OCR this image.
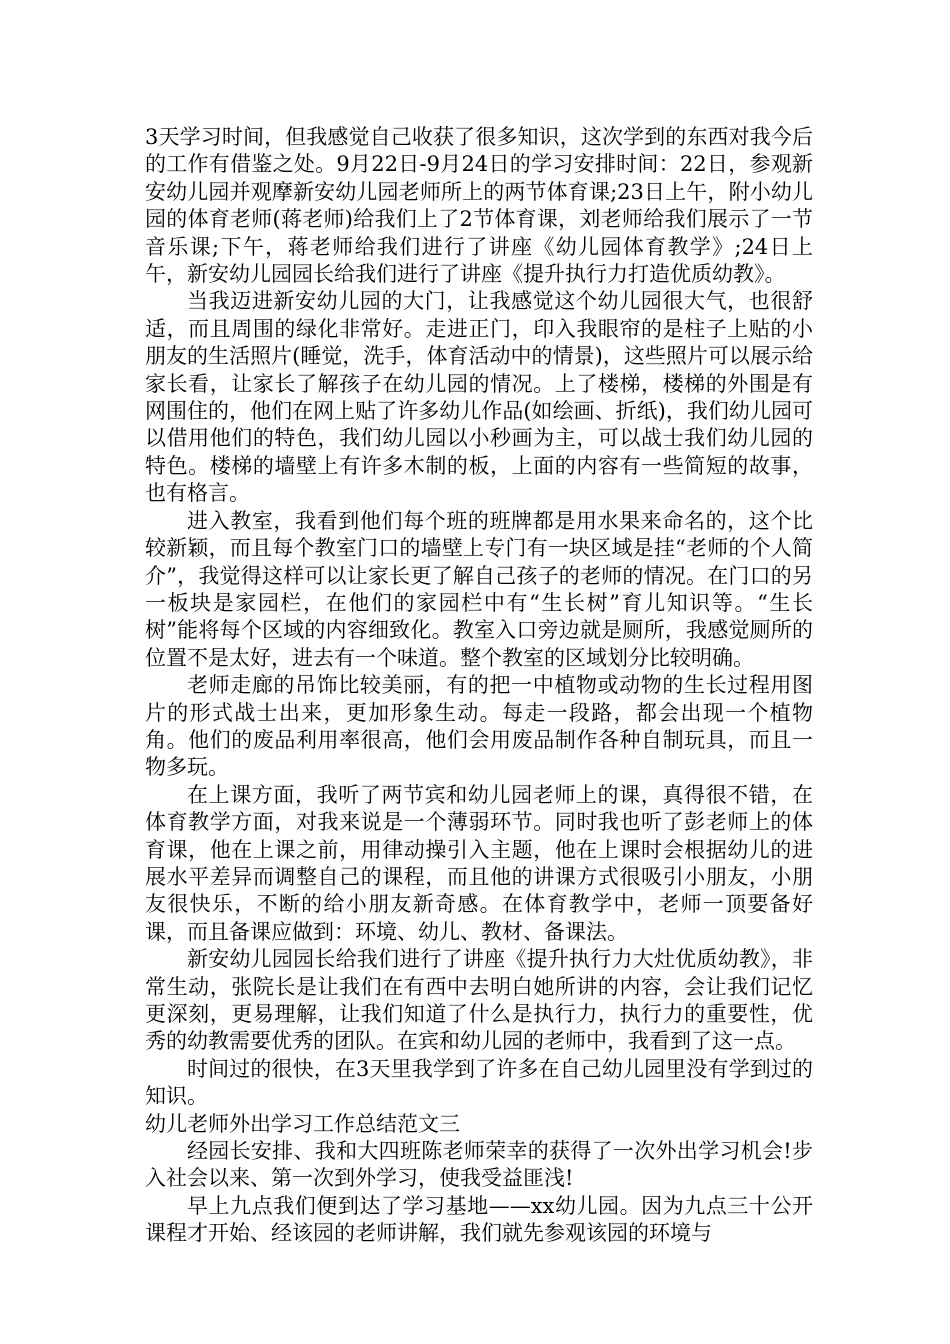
3天学习时间，但我感觉自己收获了很多知识，这次学到的东西对我今后的工作有借鉴之处。9月22日-9月24日的学习安排时间：22日，参观新安幼儿园并观摩新安幼儿园老师所上的两节体育课;23日上午，附小幼儿园的体育老师(蒋老师)给我们上了2节体育课，刘老师给我们展示了一节音乐课;下午，蒋老师给我们进行了讲座《幼儿园体育教学》;24日上午，新安幼儿园园长给我们进行了讲座《提升执行力打造优质幼教》。

当我迈进新安幼儿园的大门，让我感觉这个幼儿园很大气，也很舒适，而且周围的绿化非常好。走进正门，印入我眼帘的是柱子上贴的小朋友的生活照片(睡觉，洗手，体育活动中的情景)，这些照片可以展示给家长看，让家长了解孩子在幼儿园的情况。上了楼梯，楼梯的外围是有网围住的，他们在网上贴了许多幼儿作品(如绘画、折纸)，我们幼儿园可以借用他们的特色，我们幼儿园以小秒画为主，可以战士我们幼儿园的特色。楼梯的墙壁上有许多木制的板，上面的内容有一些简短的故事，也有格言。

进入教室，我看到他们每个班的班牌都是用水果来命名的，这个比较新颖，而且每个教室门口的墙壁上专门有一块区域是挂“老师的个人简介”，我觉得这样可以让家长更了解自己孩子的老师的情况。在门口的另一板块是家园栏，在他们的家园栏中有“生长树”育儿知识等。“生长树”能将每个区域的内容细致化。教室入口旁边就是厕所，我感觉厕所的位置不是太好，进去有一个味道。整个教室的区域划分比较明确。

老师走廊的吊饰比较美丽，有的把一中植物或动物的生长过程用图片的形式战士出来，更加形象生动。每走一段路，都会出现一个植物角。他们的废品利用率很高，他们会用废品制作各种自制玩具，而且一物多玩。

在上课方面，我听了两节宾和幼儿园老师上的课，真得很不错，在体育教学方面，对我来说是一个薄弱环节。同时我也听了彭老师上的体育课，他在上课之前，用律动操引入主题，他在上课时会根据幼儿的进展水平差异而调整自己的课程，而且他的讲课方式很吸引小朋友，小朋友很快乐，不断的给小朋友新奇感。在体育教学中，老师一顶要备好课，而且备课应做到：环境、幼儿、教材、备课法。

新安幼儿园园长给我们进行了讲座《提升执行力大灶优质幼教》，非常生动，张院长是让我们在有西中去明白她所讲的内容，会让我们记忆更深刻，更易理解，让我们知道了什么是执行力，执行力的重要性，优秀的幼教需要优秀的团队。在宾和幼儿园的老师中，我看到了这一点。

时间过的很快，在3天里我学到了许多在自己幼儿园里没有学到过的知识。

幼儿老师外出学习工作总结范文三

经园长安排、我和大四班陈老师荣幸的获得了一次外出学习机会!步入社会以来、第一次到外学习，使我受益匪浅!

早上九点我们便到达了学习基地——xx幼儿园。因为九点三十公开课程才开始、经该园的老师讲解，我们就先参观该园的环境与
